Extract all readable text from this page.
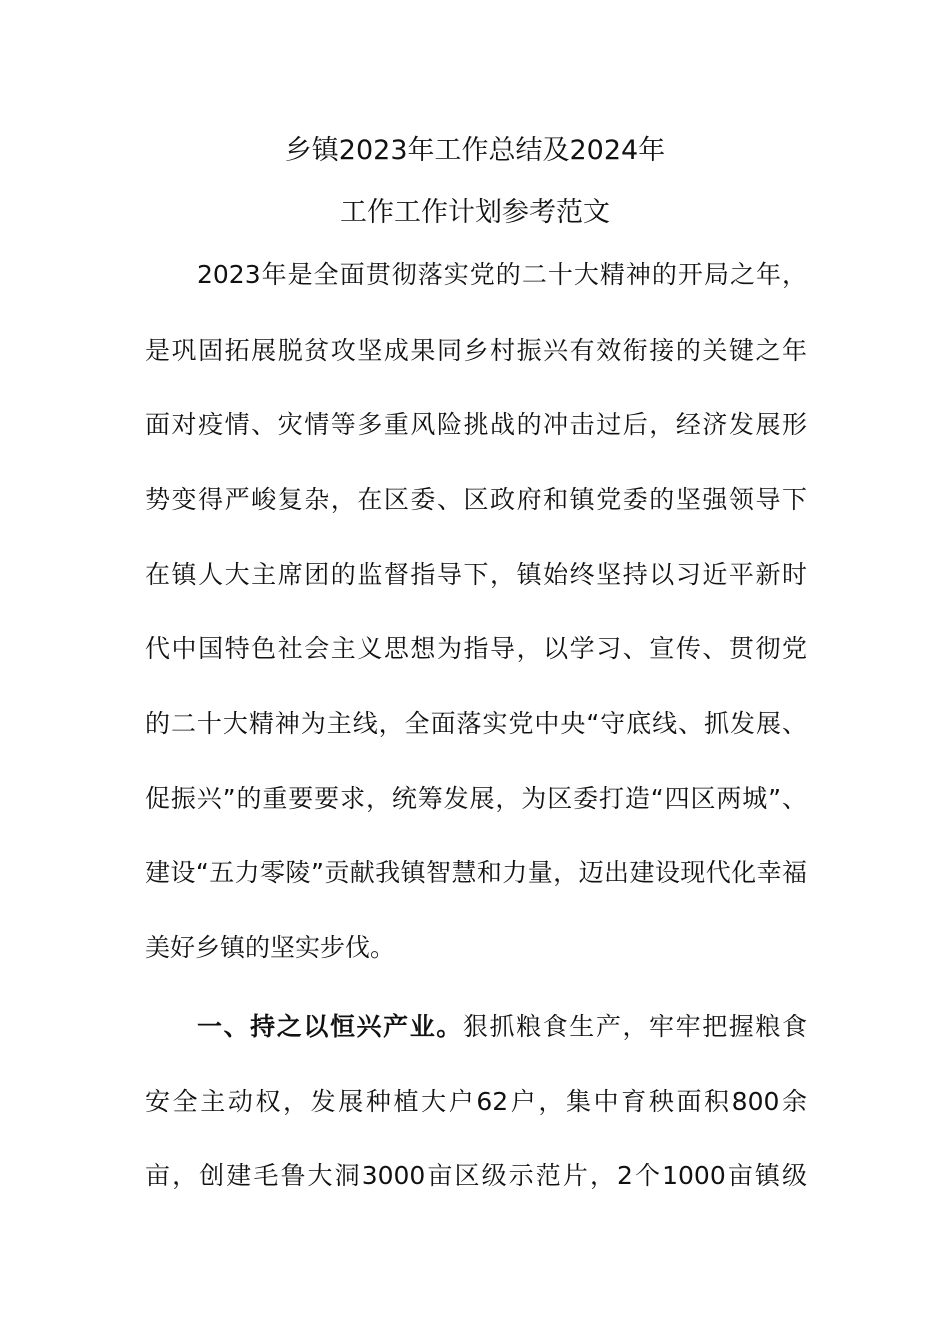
乡镇2023年工作总结及2024年
工作工作计划参考范文

2023年是全面贯彻落实党的二十大精神的开局之年，

是巩固拓展脱贫攻坚成果同乡村振兴有效衔接的关键之年

面对疫情、灾情等多重风险挑战的冲击过后，经济发展形

势变得严峻复杂，在区委、区政府和镇党委的坚强领导下

在镇人大主席团的监督指导下，镇始终坚持以习近平新时

代中国特色社会主义思想为指导，以学习、宣传、贯彻党

的二十大精神为主线，全面落实党中央“守底线、抓发展、

促振兴”的重要要求，统筹发展，为区委打造“四区两城”、

建设“五力零陵”贡献我镇智慧和力量，迈出建设现代化幸福

美好乡镇的坚实步伐。

一、持之以恒兴产业。狠抓粮食生产，牢牢把握粮食

安全主动权，发展种植大户62户，集中育秧面积800余

亩，创建毛鲁大洞3000亩区级示范片，2个1000亩镇级
